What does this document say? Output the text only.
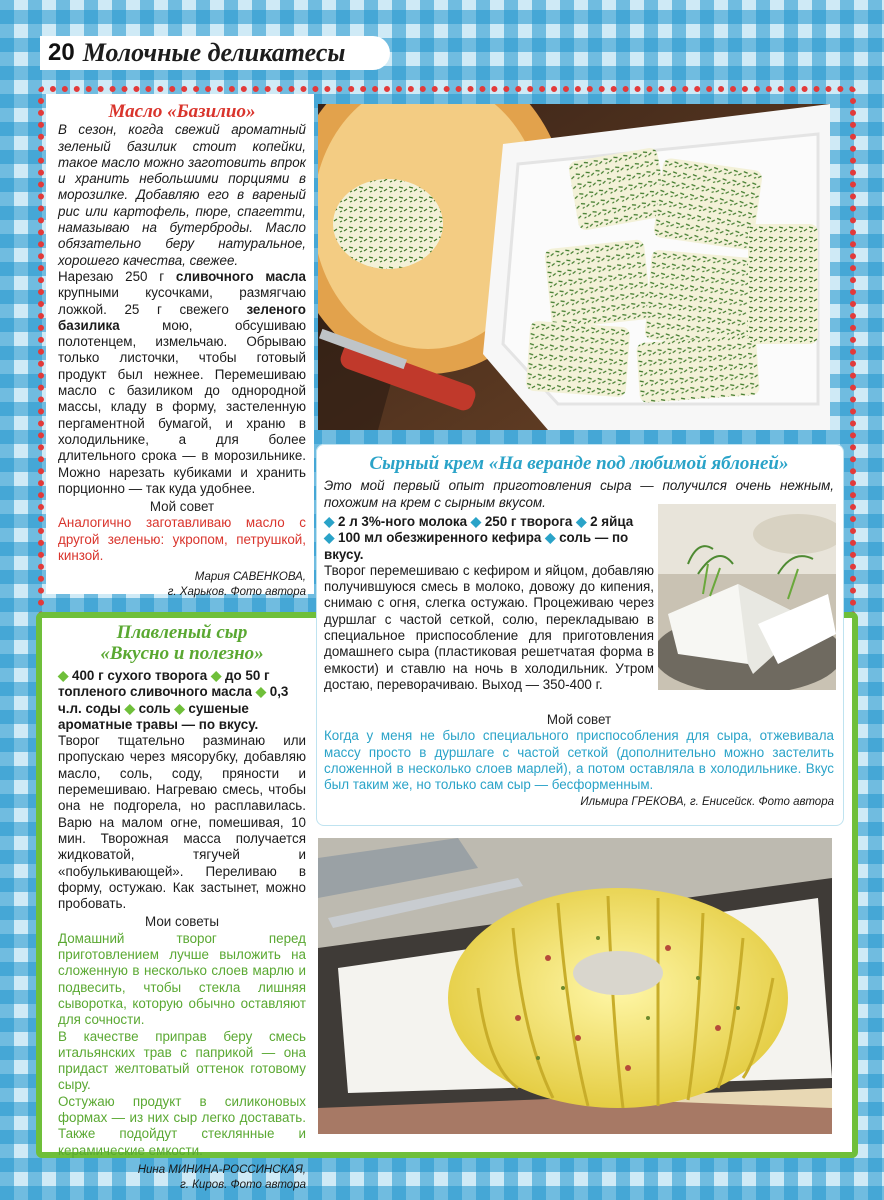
20 Молочные деликатесы
Масло «Базилио»

В сезон, когда свежий ароматный зеленый базилик стоит копейки, такое масло можно заготовить впрок и хранить небольшими порциями в морозилке. Добавляю его в вареный рис или картофель, пюре, спагетти, намазываю на бутерброды. Масло обязательно беру натуральное, хорошего качества, свежее.

Нарезаю 250 г сливочного масла крупными кусочками, размягчаю ложкой. 25 г свежего зеленого базилика мою, обсушиваю полотенцем, измельчаю. Обрываю только листочки, чтобы готовый продукт был нежнее. Перемешиваю масло с базиликом до однородной массы, кладу в форму, застеленную пергаментной бумагой, и храню в холодильнике, а для более длительного срока — в морозильнике. Можно нарезать кубиками и хранить порционно — так куда удобнее.

Мой совет

Аналогично заготавливаю масло с другой зеленью: укропом, петрушкой, кинзой.

Мария САВЕНКОВА,
г. Харьков. Фото автора

Сырный крем «На веранде под любимой яблоней»

Это мой первый опыт приготовления сыра — получился очень нежным, похожим на крем с сырным вкусом.

◆ 2 л 3%-ного молока ◆ 250 г творога ◆ 2 яйца
◆ 100 мл обезжиренного кефира ◆ соль — по вкусу.

Творог перемешиваю с кефиром и яйцом, добавляю получившуюся смесь в молоко, довожу до кипения, снимаю с огня, слегка остужаю. Процеживаю через дуршлаг с частой сеткой, солю, перекладываю в специальное приспособление для приготовления домашнего сыра (пластиковая решетчатая форма в емкости) и ставлю на ночь в холодильник. Утром достаю, переворачиваю. Выход — 350-400 г.

Мой совет

Когда у меня не было специального приспособления для сыра, отжевивала массу просто в дуршлаге с частой сеткой (дополнительно можно застелить сложенной в несколько слоев марлей), а потом оставляла в холодильнике. Вкус был таким же, но только сам сыр — бесформенным.

Ильмира ГРЕКОВА, г. Енисейск. Фото автора

Плавленый сыр
«Вкусно и полезно»

◆ 400 г сухого творога ◆ до 50 г топленого сливочного масла ◆ 0,3 ч.л. соды ◆ соль ◆ сушеные ароматные травы — по вкусу.

Творог тщательно разминаю или пропускаю через мясорубку, добавляю масло, соль, соду, пряности и перемешиваю. Нагреваю смесь, чтобы она не подгорела, но расплавилась. Варю на малом огне, помешивая, 10 мин. Творожная масса получается жидковатой, тягучей и «побулькивающей». Переливаю в форму, остужаю. Как застынет, можно пробовать.

Мои советы

Домашний творог перед приготовлением лучше выложить на сложенную в несколько слоев марлю и подвесить, чтобы стекла лишняя сыворотка, которую обычно оставляют для сочности.

В качестве приправ беру смесь итальянских трав с паприкой — она придаст желтоватый оттенок готовому сыру.

Остужаю продукт в силиконовых формах — из них сыр легко доставать. Также подойдут стеклянные и керамические емкости.

Нина МИНИНА-РОССИНСКАЯ,
г. Киров. Фото автора
